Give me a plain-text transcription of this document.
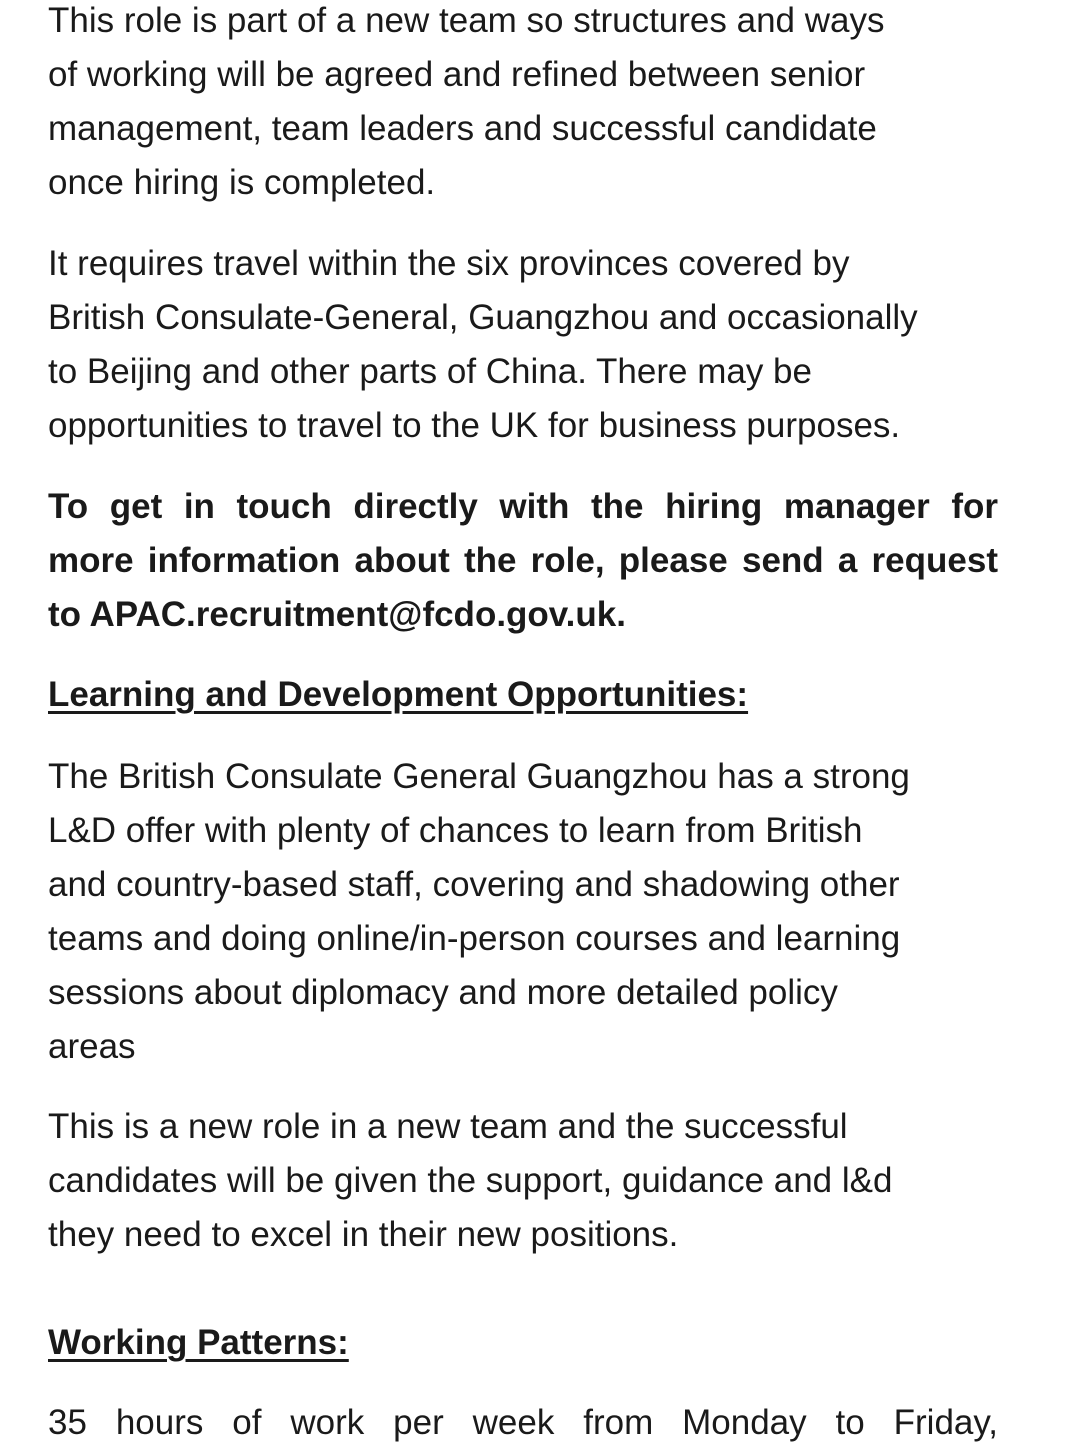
This role is part of a new team so structures and ways
of working will be agreed and refined between senior
management, team leaders and successful candidate
once hiring is completed.

It requires travel within the six provinces covered by
British Consulate-General, Guangzhou and occasionally
to Beijing and other parts of China. There may be
opportunities to travel to the UK for business purposes.

To get in touch directly with the hiring manager for
more information about the role, please send a request
to APAC.recruitment@fcdo.gov.uk.

Learning and Development Opportunities:

The British Consulate General Guangzhou has a strong
L&D offer with plenty of chances to learn from British
and country-based staff, covering and shadowing other
teams and doing online/in-person courses and learning
sessions about diplomacy and more detailed policy
areas

This is a new role in a new team and the successful
candidates will be given the support, guidance and l&d
they need to excel in their new positions.

Working Patterns:

35 hours of work per week from Monday to Friday,
